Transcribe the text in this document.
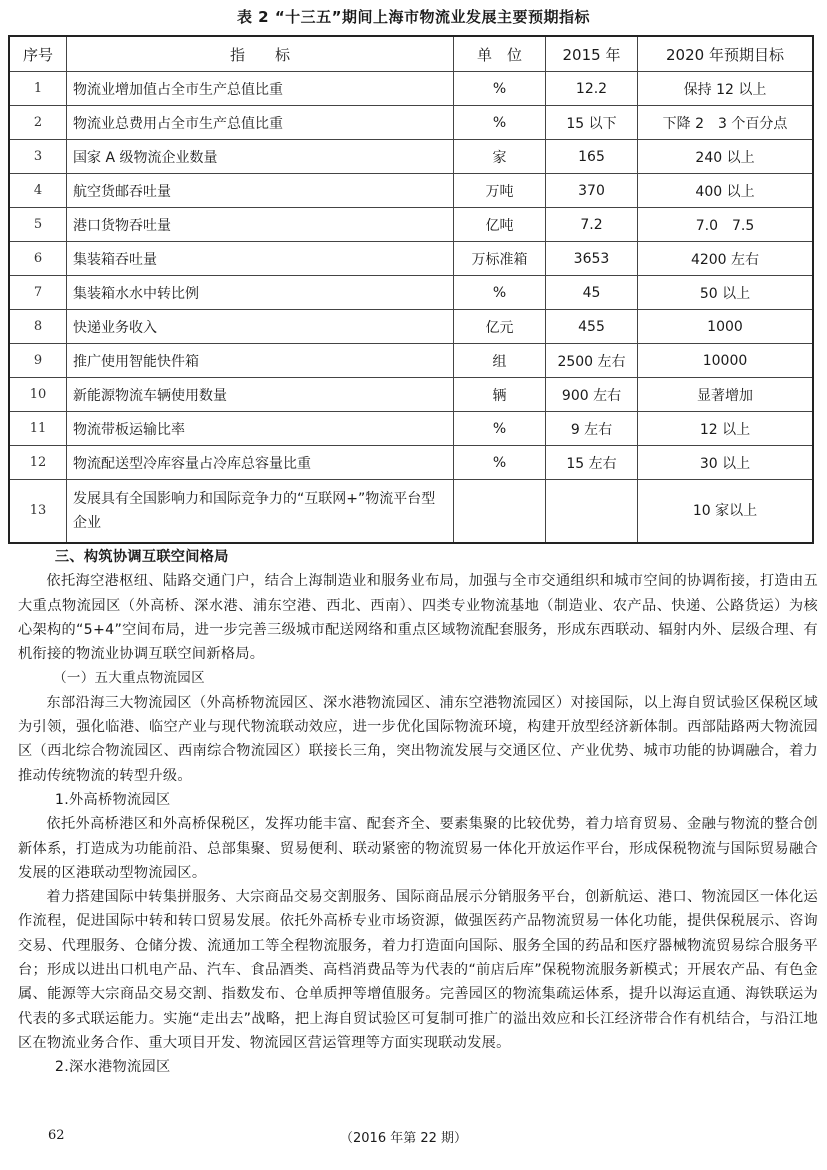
表 2 “十三五”期间上海市物流业发展主要预期指标
序号	指　　标	单　位	2015 年	2020 年预期目标
1	物流业增加值占全市生产总值比重	%	12.2	保持 12 以上
2	物流业总费用占全市生产总值比重	%	15 以下	下降 2　3 个百分点
3	国家 A 级物流企业数量	家	165	240 以上
4	航空货邮吞吐量	万吨	370	400 以上
5	港口货物吞吐量	亿吨	7.2	7.0　7.5
6	集装箱吞吐量	万标准箱	3653	4200 左右
7	集装箱水水中转比例	%	45	50 以上
8	快递业务收入	亿元	455	1000
9	推广使用智能快件箱	组	2500 左右	10000
10	新能源物流车辆使用数量	辆	900 左右	显著增加
11	物流带板运输比率	%	9 左右	12 以上
12	物流配送型冷库容量占冷库总容量比重	%	15 左右	30 以上
13	发展具有全国影响力和国际竞争力的“互联网+”物流平台型企业			10 家以上

三、构筑协调互联空间格局

依托海空港枢纽、陆路交通门户，结合上海制造业和服务业布局，加强与全市交通组织和城市空间的协调衔接，打造由五大重点物流园区（外高桥、深水港、浦东空港、西北、西南）、四类专业物流基地（制造业、农产品、快递、公路货运）为核心架构的“5+4”空间布局，进一步完善三级城市配送网络和重点区域物流配套服务，形成东西联动、辐射内外、层级合理、有机衔接的物流业协调互联空间新格局。

（一）五大重点物流园区

东部沿海三大物流园区（外高桥物流园区、深水港物流园区、浦东空港物流园区）对接国际，以上海自贸试验区保税区域为引领，强化临港、临空产业与现代物流联动效应，进一步优化国际物流环境，构建开放型经济新体制。西部陆路两大物流园区（西北综合物流园区、西南综合物流园区）联接长三角，突出物流发展与交通区位、产业优势、城市功能的协调融合，着力推动传统物流的转型升级。

1.外高桥物流园区

依托外高桥港区和外高桥保税区，发挥功能丰富、配套齐全、要素集聚的比较优势，着力培育贸易、金融与物流的整合创新体系，打造成为功能前沿、总部集聚、贸易便利、联动紧密的物流贸易一体化开放运作平台，形成保税物流与国际贸易融合发展的区港联动型物流园区。

着力搭建国际中转集拼服务、大宗商品交易交割服务、国际商品展示分销服务平台，创新航运、港口、物流园区一体化运作流程，促进国际中转和转口贸易发展。依托外高桥专业市场资源，做强医药产品物流贸易一体化功能，提供保税展示、咨询交易、代理服务、仓储分拨、流通加工等全程物流服务，着力打造面向国际、服务全国的药品和医疗器械物流贸易综合服务平台；形成以进出口机电产品、汽车、食品酒类、高档消费品等为代表的“前店后库”保税物流服务新模式；开展农产品、有色金属、能源等大宗商品交易交割、指数发布、仓单质押等增值服务。完善园区的物流集疏运体系，提升以海运直通、海铁联运为代表的多式联运能力。实施“走出去”战略，把上海自贸试验区可复制可推广的溢出效应和长江经济带合作有机结合，与沿江地区在物流业务合作、重大项目开发、物流园区营运管理等方面实现联动发展。

2.深水港物流园区

62	（2016 年第 22 期）
